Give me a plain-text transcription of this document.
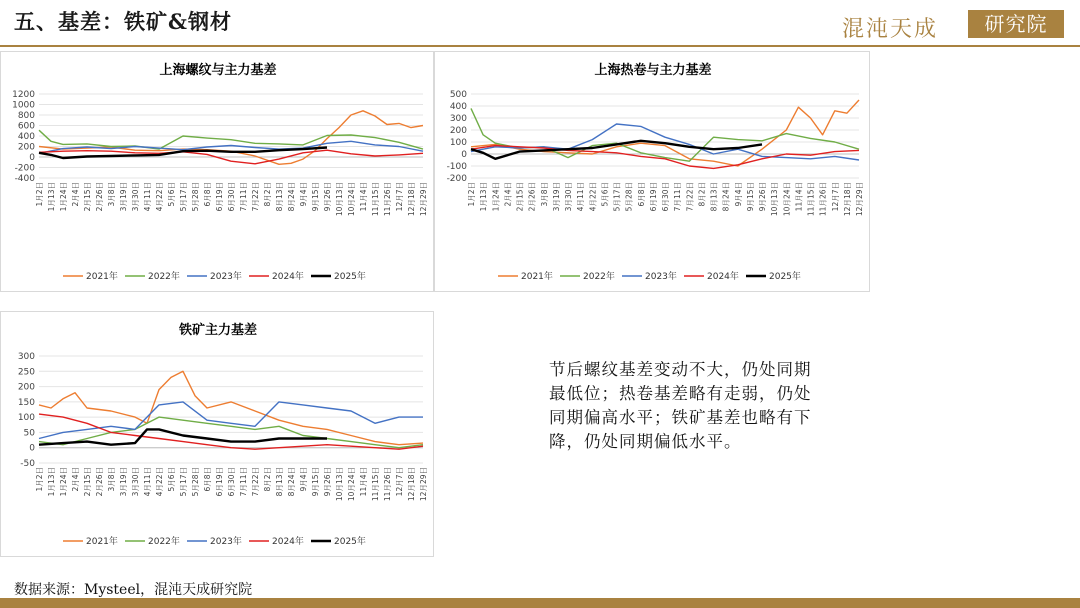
五、基差：铁矿&钢材	混沌天成	研究院
上海螺纹与主力基差
-400
-200
0
200
400
600
800
1000
1200
1月2日 1月13日 1月24日 2月4日 2月15日 2月26日 3月8日 3月19日 3月30日 4月11日 4月22日 5月6日 5月17日 5月28日 6月8日 6月19日 6月30日 7月11日 7月22日 8月2日 8月13日 8月24日 9月4日 9月15日 9月26日 10月13日 10月24日 11月4日 11月15日 11月26日 12月7日 12月18日 12月29日
2021年	2022年	2023年	2024年	2025年
上海热卷与主力基差
-200
-100
0
100
200
300
400
500
1月2日 1月13日 1月24日 2月4日 2月15日 2月26日 3月8日 3月19日 3月30日 4月11日 4月22日 5月6日 5月17日 5月28日 6月8日 6月19日 6月30日 7月11日 7月22日 8月2日 8月13日 8月24日 9月4日 9月15日 9月26日 10月13日 10月24日 11月4日 11月15日 11月26日 12月7日 12月18日 12月29日
2021年	2022年	2023年	2024年	2025年
铁矿主力基差
-50
0
50
100
150
200
250
300
1月2日 1月13日 1月24日 2月4日 2月15日 2月26日 3月8日 3月19日 3月30日 4月11日 4月22日 5月6日 5月17日 5月28日 6月8日 6月19日 6月30日 7月11日 7月22日 8月2日 8月13日 8月24日 9月4日 9月15日 9月26日 10月13日 10月24日 11月4日 11月15日 11月26日 12月7日 12月18日 12月29日
2021年	2022年	2023年	2024年	2025年
节后螺纹基差变动不大，仍处同期最低位；热卷基差略有走弱，仍处同期偏高水平；铁矿基差也略有下降，仍处同期偏低水平。
数据来源：Mysteel，混沌天成研究院
